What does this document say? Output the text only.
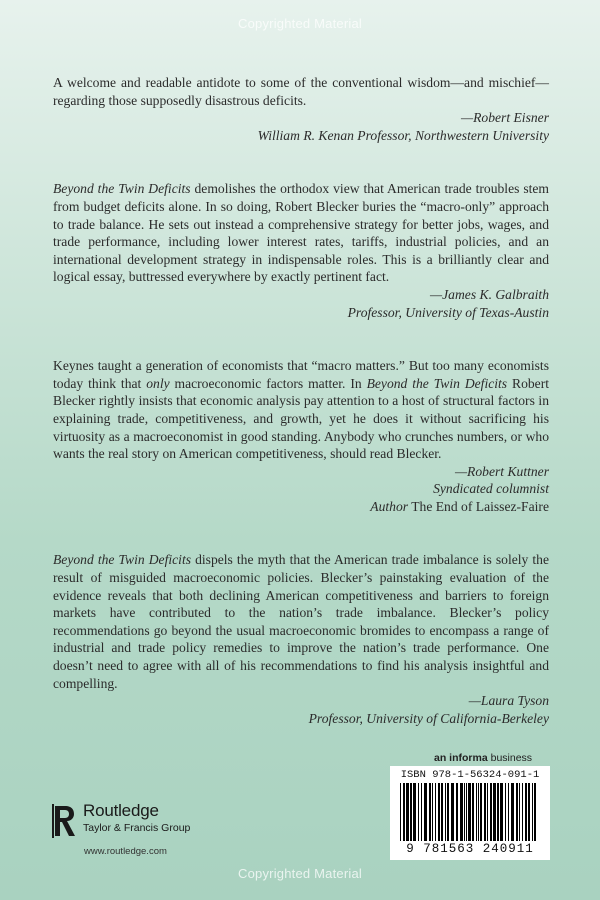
Copyrighted Material

A welcome and readable antidote to some of the conventional wisdom—and mischief—regarding those supposedly disastrous deficits.

—Robert Eisner
William R. Kenan Professor, Northwestern University

Beyond the Twin Deficits demolishes the orthodox view that American trade troubles stem from budget deficits alone. In so doing, Robert Blecker buries the “macro-only” approach to trade balance. He sets out instead a comprehensive strategy for better jobs, wages, and trade performance, including lower interest rates, tariffs, industrial policies, and an international development strategy in indispensable roles. This is a brilliantly clear and logical essay, buttressed everywhere by exactly pertinent fact.

—James K. Galbraith
Professor, University of Texas-Austin

Keynes taught a generation of economists that “macro matters.” But too many economists today think that only macroeconomic factors matter. In Beyond the Twin Deficits Robert Blecker rightly insists that economic analysis pay attention to a host of structural factors in explaining trade, competitiveness, and growth, yet he does it without sacrificing his virtuosity as a macroeconomist in good standing. Anybody who crunches numbers, or who wants the real story on American competitiveness, should read Blecker.

—Robert Kuttner
Syndicated columnist
Author The End of Laissez-Faire

Beyond the Twin Deficits dispels the myth that the American trade imbalance is solely the result of misguided macroeconomic policies. Blecker’s painstaking evaluation of the evidence reveals that both declining American competitiveness and barriers to foreign markets have contributed to the nation’s trade imbalance. Blecker’s policy recommendations go beyond the usual macroeconomic bromides to encompass a range of industrial and trade policy remedies to improve the nation’s trade performance. One doesn’t need to agree with all of his recommendations to find his analysis insightful and compelling.

—Laura Tyson
Professor, University of California-Berkeley
an informa business
ISBN 978-1-56324-091-1
9 781563 240911
Routledge
Taylor & Francis Group
www.routledge.com
Copyrighted Material
